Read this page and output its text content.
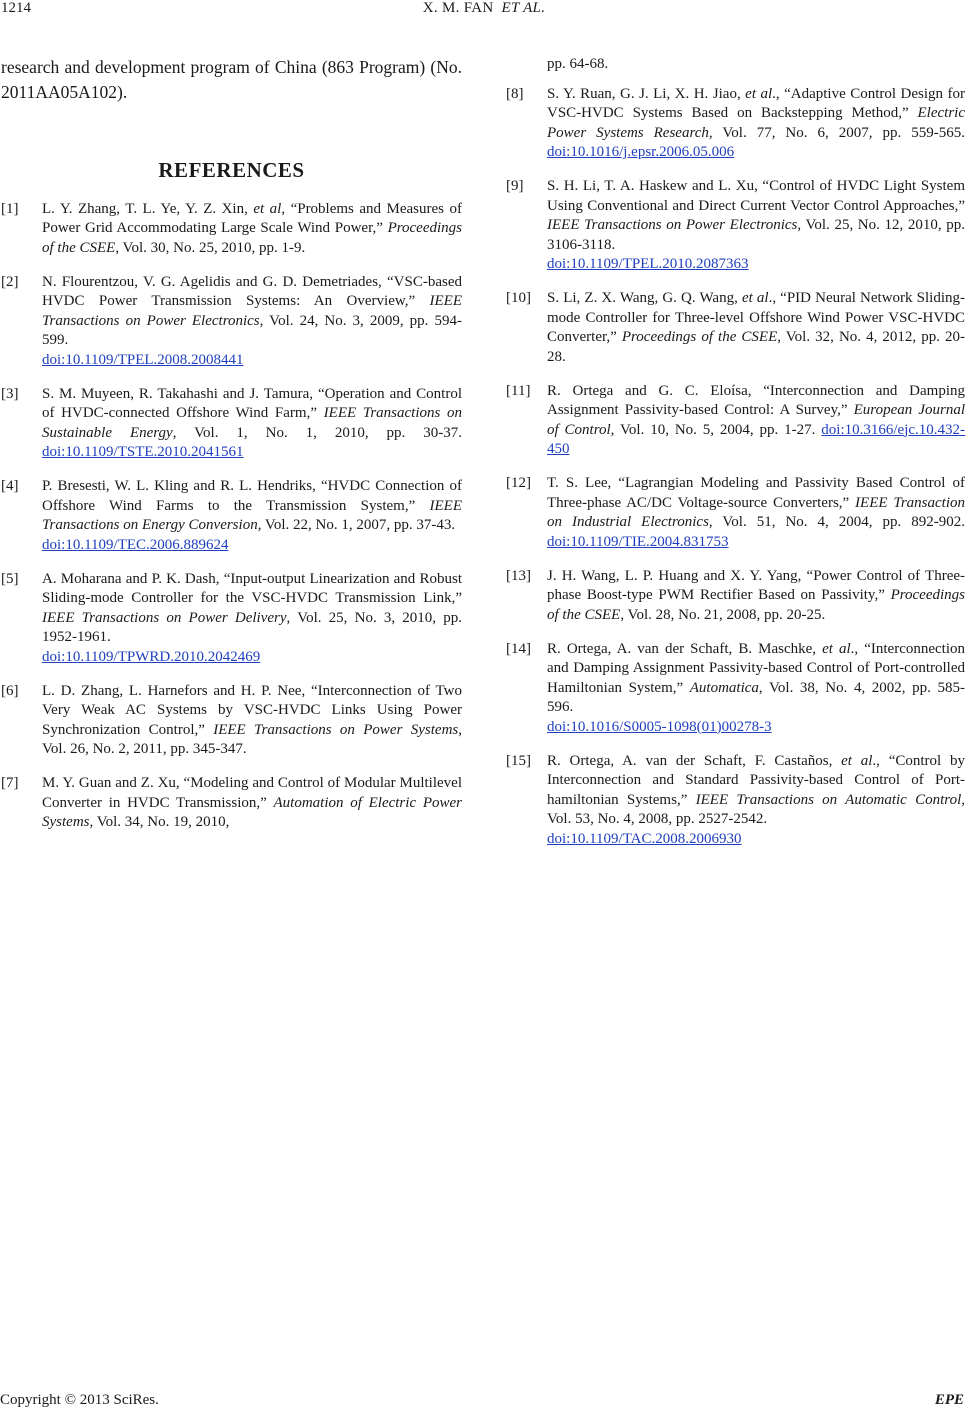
1214	X. M. FAN ET AL.

research and development program of China (863 Program) (No. 2011AA05A102).

REFERENCES
[1]	L. Y. Zhang, T. L. Ye, Y. Z. Xin, et al, “Problems and Measures of Power Grid Accommodating Large Scale Wind Power,” Proceedings of the CSEE, Vol. 30, No. 25, 2010, pp. 1-9.
[2]	N. Flourentzou, V. G. Agelidis and G. D. Demetriades, “VSC-based HVDC Power Transmission Systems: An Overview,” IEEE Transactions on Power Electronics, Vol. 24, No. 3, 2009, pp. 594-599.
doi:10.1109/TPEL.2008.2008441
[3]	S. M. Muyeen, R. Takahashi and J. Tamura, “Operation and Control of HVDC-connected Offshore Wind Farm,” IEEE Transactions on Sustainable Energy, Vol. 1, No. 1, 2010, pp. 30-37. doi:10.1109/TSTE.2010.2041561
[4]	P. Bresesti, W. L. Kling and R. L. Hendriks, “HVDC Connection of Offshore Wind Farms to the Transmission System,” IEEE Transactions on Energy Conversion, Vol. 22, No. 1, 2007, pp. 37-43.
doi:10.1109/TEC.2006.889624
[5]	A. Moharana and P. K. Dash, “Input-output Linearization and Robust Sliding-mode Controller for the VSC-HVDC Transmission Link,” IEEE Transactions on Power Delivery, Vol. 25, No. 3, 2010, pp. 1952-1961.
doi:10.1109/TPWRD.2010.2042469
[6]	L. D. Zhang, L. Harnefors and H. P. Nee, “Interconnection of Two Very Weak AC Systems by VSC-HVDC Links Using Power Synchronization Control,” IEEE Transactions on Power Systems, Vol. 26, No. 2, 2011, pp. 345-347.
[7]	M. Y. Guan and Z. Xu, “Modeling and Control of Modular Multilevel Converter in HVDC Transmission,” Automation of Electric Power Systems, Vol. 34, No. 19, 2010,
pp. 64-68.
[8]	S. Y. Ruan, G. J. Li, X. H. Jiao, et al., “Adaptive Control Design for VSC-HVDC Systems Based on Backstepping Method,” Electric Power Systems Research, Vol. 77, No. 6, 2007, pp. 559-565. doi:10.1016/j.epsr.2006.05.006
[9]	S. H. Li, T. A. Haskew and L. Xu, “Control of HVDC Light System Using Conventional and Direct Current Vector Control Approaches,” IEEE Transactions on Power Electronics, Vol. 25, No. 12, 2010, pp. 3106-3118.
doi:10.1109/TPEL.2010.2087363
[10]	S. Li, Z. X. Wang, G. Q. Wang, et al., “PID Neural Network Sliding-mode Controller for Three-level Offshore Wind Power VSC-HVDC Converter,” Proceedings of the CSEE, Vol. 32, No. 4, 2012, pp. 20-28.
[11]	R. Ortega and G. C. Eloísa, “Interconnection and Damping Assignment Passivity-based Control: A Survey,” European Journal of Control, Vol. 10, No. 5, 2004, pp. 1-27. doi:10.3166/ejc.10.432-450
[12]	T. S. Lee, “Lagrangian Modeling and Passivity Based Control of Three-phase AC/DC Voltage-source Converters,” IEEE Transaction on Industrial Electronics, Vol. 51, No. 4, 2004, pp. 892-902. doi:10.1109/TIE.2004.831753
[13]	J. H. Wang, L. P. Huang and X. Y. Yang, “Power Control of Three-phase Boost-type PWM Rectifier Based on Passivity,” Proceedings of the CSEE, Vol. 28, No. 21, 2008, pp. 20-25.
[14]	R. Ortega, A. van der Schaft, B. Maschke, et al., “Interconnection and Damping Assignment Passivity-based Control of Port-controlled Hamiltonian System,” Automatica, Vol. 38, No. 4, 2002, pp. 585-596.
doi:10.1016/S0005-1098(01)00278-3
[15]	R. Ortega, A. van der Schaft, F. Castaños, et al., “Control by Interconnection and Standard Passivity-based Control of Port-hamiltonian Systems,” IEEE Transactions on Automatic Control, Vol. 53, No. 4, 2008, pp. 2527-2542.
doi:10.1109/TAC.2008.2006930
Copyright © 2013 SciRes.	EPE
